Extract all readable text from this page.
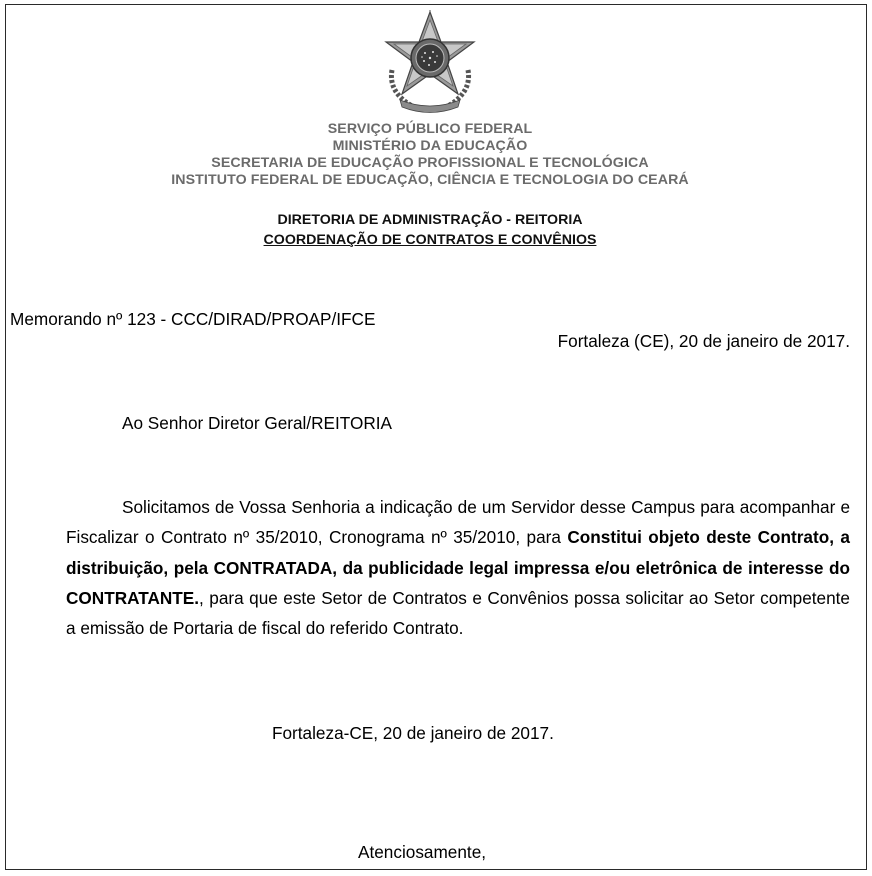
SERVIÇO PÚBLICO FEDERAL
MINISTÉRIO DA EDUCAÇÃO
SECRETARIA DE EDUCAÇÃO PROFISSIONAL E TECNOLÓGICA
INSTITUTO FEDERAL DE EDUCAÇÃO, CIÊNCIA E TECNOLOGIA DO CEARÁ
DIRETORIA DE ADMINISTRAÇÃO - REITORIA
COORDENAÇÃO DE CONTRATOS E CONVÊNIOS
Memorando nº 123 - CCC/DIRAD/PROAP/IFCE
Fortaleza (CE), 20 de janeiro de 2017.
Ao Senhor Diretor Geral/REITORIA

Solicitamos de Vossa Senhoria a indicação de um Servidor desse Campus para acompanhar e Fiscalizar o Contrato nº 35/2010, Cronograma nº 35/2010, para Constitui objeto deste Contrato, a distribuição, pela CONTRATADA, da publicidade legal impressa e/ou eletrônica de interesse do CONTRATANTE., para que este Setor de Contratos e Convênios possa solicitar ao Setor competente a emissão de Portaria de fiscal do referido Contrato.

Fortaleza-CE, 20 de janeiro de 2017.
Atenciosamente,
